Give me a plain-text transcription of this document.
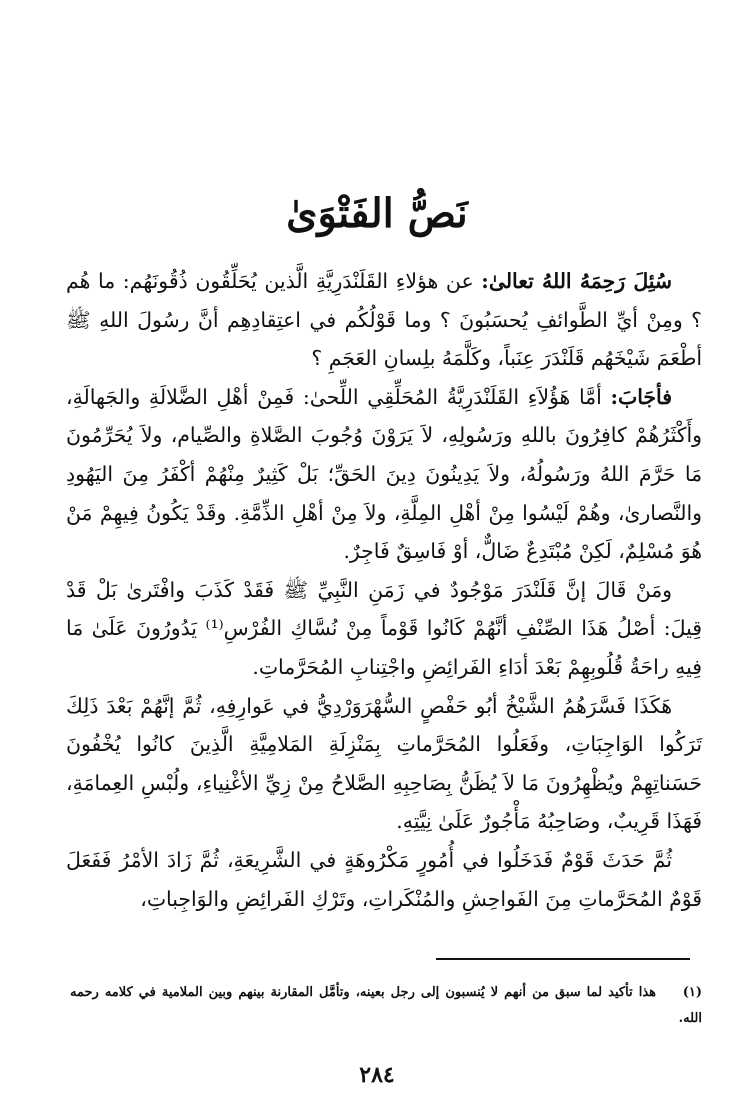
نَصُّ الفَتْوَىٰ

سُئِلَ رَحِمَهُ اللهُ تعالىٰ: عن هؤلاءِ القَلَنْدَرِيَّةِ الَّذين يُحَلِّقُون ذُقُونَهُم: ما هُم ؟ ومِنْ أيِّ الطَّوائفِ يُحسَبُونَ ؟ وما قَوْلُكُم في اعتِقادِهِم أنَّ رسُولَ اللهِ ﷺ أطْعَمَ شَيْخَهُم قَلَنْدَرَ عِنَباً، وكَلَّمَهُ بلِسانِ العَجَمِ ؟

فأجَابَ: أمَّا هَؤُلاَءِ القَلَنْدَرِيَّةُ المُحَلِّقِي اللِّحىٰ: فَمِنْ أهْلِ الضَّلالَةِ والجَهالَةِ، وأَكْثَرُهُمْ كافِرُونَ باللهِ ورَسُولِهِ، لاَ يَرَوْنَ وُجُوبَ الصَّلاةِ والصِّيام، ولاَ يُحَرِّمُونَ مَا حَرَّمَ اللهُ ورَسُولُهُ، ولاَ يَدِينُونَ دِينَ الحَقِّ؛ بَلْ كَثِيرٌ مِنْهُمْ أكْفَرُ مِنَ اليَهُودِ والنَّصارىٰ، وهُمْ لَيْسُوا مِنْ أهْلِ المِلَّةِ، ولاَ مِنْ أهْلِ الذِّمَّةِ. وقَدْ يَكُونُ فِيهِمْ مَنْ هُوَ مُسْلِمٌ، لَكِنْ مُبْتَدِعٌ ضَالٌّ، أوْ فَاسِقٌ فَاجِرٌ.

ومَنْ قَالَ إنَّ قَلَنْدَرَ مَوْجُودٌ في زَمَنِ النَّبِيِّ ﷺ فَقَدْ كَذَبَ وافْتَرىٰ بَلْ قَدْ قِيلَ: أصْلُ هَذَا الصِّنْفِ أنَّهُمْ كَانُوا قَوْماً مِنْ نُسَّاكِ الفُرْسِ⁽¹⁾ يَدُورُونَ عَلَىٰ مَا فِيهِ راحَةُ قُلُوبِهِمْ بَعْدَ أدَاءِ الفَرائِضِ واجْتِنابِ المُحَرَّماتِ.

هَكَذَا فَسَّرَهُمُ الشَّيْخُ أبُو حَفْصٍ السُّهْرَوَرْدِيُّ في عَوارِفِهِ، ثُمَّ إنَّهُمْ بَعْدَ ذَلِكَ تَرَكُوا الوَاجِبَاتِ، وفَعَلُوا المُحَرَّماتِ بِمَنْزِلَةِ المَلامِيَّةِ الَّذِينَ كانُوا يُخْفُونَ حَسَناتِهِمْ ويُظْهِرُونَ مَا لاَ يُظَنُّ بِصَاحِبِهِ الصَّلاحُ مِنْ زِيِّ الأغْنِياءِ، ولُبْسِ العِمامَةِ، فَهَذَا قَرِيبٌ، وصَاحِبُهُ مَأْجُورٌ عَلَىٰ نِيَّتِهِ.

ثُمَّ حَدَثَ قَوْمٌ فَدَخَلُوا في أُمُورٍ مَكْرُوهَةٍ في الشَّرِيعَةِ، ثُمَّ زَادَ الأمْرُ فَفَعَلَ قَوْمٌ المُحَرَّماتِ مِنَ الفَواحِشِ والمُنْكَراتِ، وتَرْكِ الفَرائِضِ والوَاجِباتِ،

(١)هذا تأكيد لما سبق من أنهم لا يُنسبون إلى رجل بعينه، وتأمَّل المقارنة بينهم وبين الملامية في كلامه رحمه الله.
٢٨٤
